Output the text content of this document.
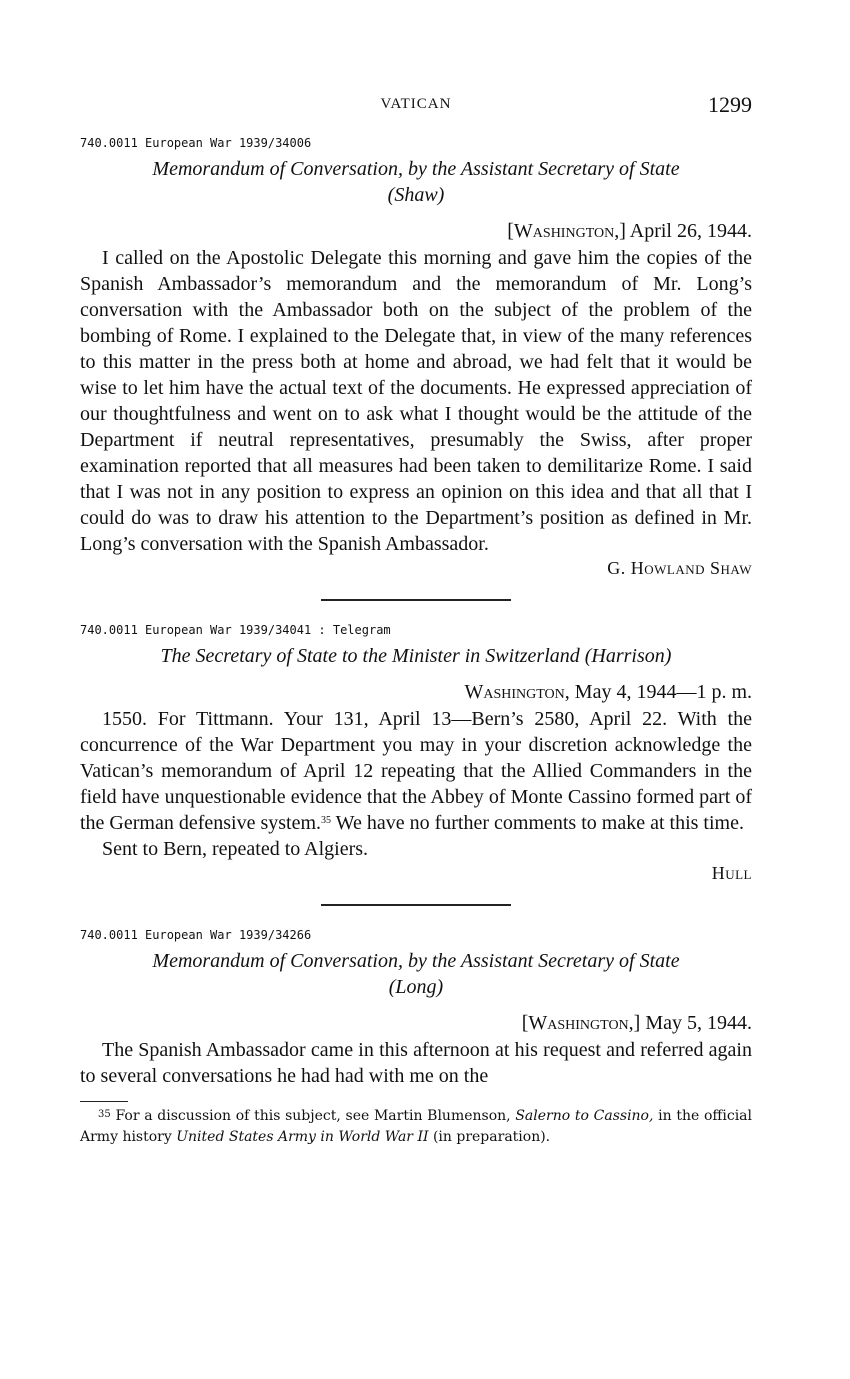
VATICAN	1299
740.0011 European War 1939/34006
Memorandum of Conversation, by the Assistant Secretary of State
(Shaw)
[Washington,] April 26, 1944.

I called on the Apostolic Delegate this morning and gave him the copies of the Spanish Ambassador’s memorandum and the memorandum of Mr. Long’s conversation with the Ambassador both on the subject of the problem of the bombing of Rome. I explained to the Delegate that, in view of the many references to this matter in the press both at home and abroad, we had felt that it would be wise to let him have the actual text of the documents. He expressed appreciation of our thoughtfulness and went on to ask what I thought would be the attitude of the Department if neutral representatives, presumably the Swiss, after proper examination reported that all measures had been taken to demilitarize Rome. I said that I was not in any position to express an opinion on this idea and that all that I could do was to draw his attention to the Department’s position as defined in Mr. Long’s conversation with the Spanish Ambassador.

G. Howland Shaw
740.0011 European War 1939/34041 : Telegram
The Secretary of State to the Minister in Switzerland (Harrison)
Washington, May 4, 1944—1 p. m.

1550. For Tittmann. Your 131, April 13—Bern’s 2580, April 22. With the concurrence of the War Department you may in your discretion acknowledge the Vatican’s memorandum of April 12 repeating that the Allied Commanders in the field have unquestionable evidence that the Abbey of Monte Cassino formed part of the German defensive system.$^{35}$ We have no further comments to make at this time.

Sent to Bern, repeated to Algiers.

Hull
740.0011 European War 1939/34266
Memorandum of Conversation, by the Assistant Secretary of State
(Long)
[Washington,] May 5, 1944.

The Spanish Ambassador came in this afternoon at his request and referred again to several conversations he had had with me on the

$^{35}$ For a discussion of this subject, see Martin Blumenson, Salerno to Cassino, in the official Army history United States Army in World War II (in preparation).
